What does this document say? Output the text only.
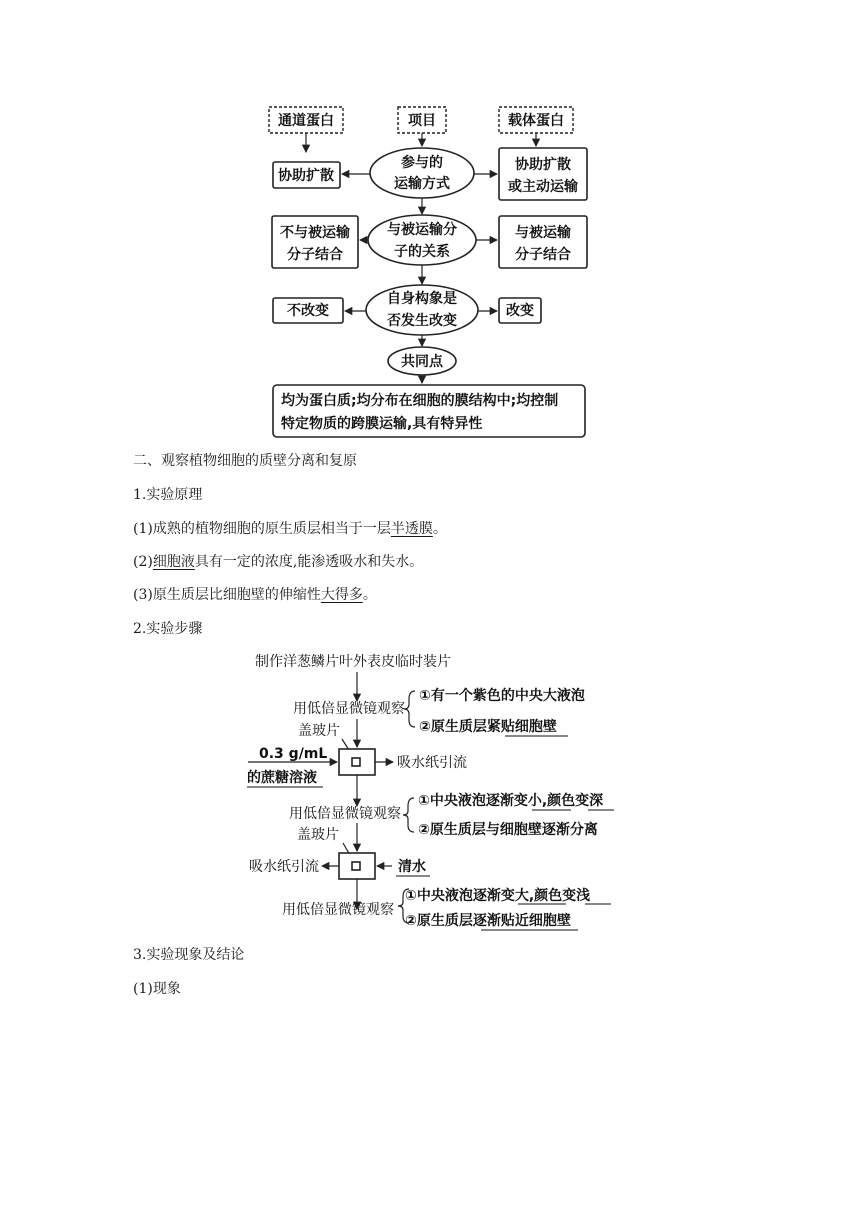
通道蛋白	项目	载体蛋白
参与的
运输方式
协助扩散
协助扩散
或主动运输
与被运输分
子的关系
不与被运输
分子结合
与被运输
分子结合
自身构象是
否发生改变
不改变	改变
共同点
均为蛋白质;均分布在细胞的膜结构中;均控制
特定物质的跨膜运输,具有特异性
二、观察植物细胞的质壁分离和复原
1.实验原理
(1)成熟的植物细胞的原生质层相当于一层半透膜。
(2)细胞液具有一定的浓度,能渗透吸水和失水。
(3)原生质层比细胞壁的伸缩性大得多。
2.实验步骤
制作洋葱鳞片叶外表皮临时装片
用低倍显微镜观察
①有一个紫色的中央大液泡
②原生质层紧贴细胞壁
盖玻片
0.3 g/mL
的蔗糖溶液
吸水纸引流
用低倍显微镜观察
①中央液泡逐渐变小,颜色变深
②原生质层与细胞壁逐渐分离
盖玻片
吸水纸引流	清水
用低倍显微镜观察
①中央液泡逐渐变大,颜色变浅
②原生质层逐渐贴近细胞壁
3.实验现象及结论
(1)现象
